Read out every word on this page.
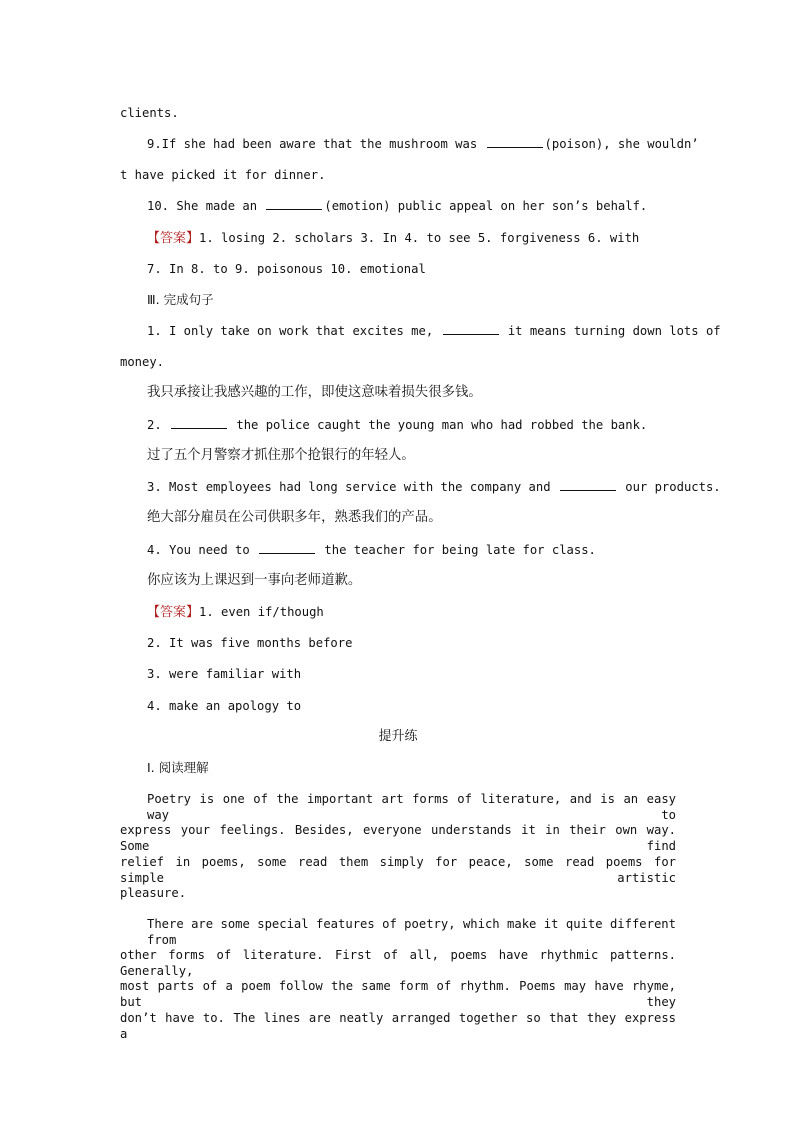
clients.
9.If she had been aware that the mushroom was	(poison), she wouldn’
t have picked it for dinner.
10. She made an	(emotion) public appeal on her son’s behalf.
【答案】1. losing 2. scholars 3. In 4. to see 5. forgiveness 6. with
7. In 8. to 9. poisonous 10. emotional
Ⅲ. 完成句子
1. I only take on work that excites me,	it means turning down lots of
money.
我只承接让我感兴趣的工作，即使这意味着损失很多钱。
2.	the police caught the young man who had robbed the bank.
过了五个月警察才抓住那个抢银行的年轻人。
3. Most employees had long service with the company and	our products.
绝大部分雇员在公司供职多年，熟悉我们的产品。
4. You need to	the teacher for being late for class.
你应该为上课迟到一事向老师道歉。
【答案】1. even if/though
2. It was five months before
3. were familiar with
4. make an apology to
提升练
Ⅰ. 阅读理解
Poetry is one of the important art forms of literature, and is an easy way to
express your feelings. Besides, everyone understands it in their own way. Some find
relief in poems, some read them simply for peace, some read poems for simple artistic
pleasure.
There are some special features of poetry, which make it quite different from
other forms of literature. First of all, poems have rhythmic patterns. Generally,
most parts of a poem follow the same form of rhythm. Poems may have rhyme, but they
don’t have to. The lines are neatly arranged together so that they express a
